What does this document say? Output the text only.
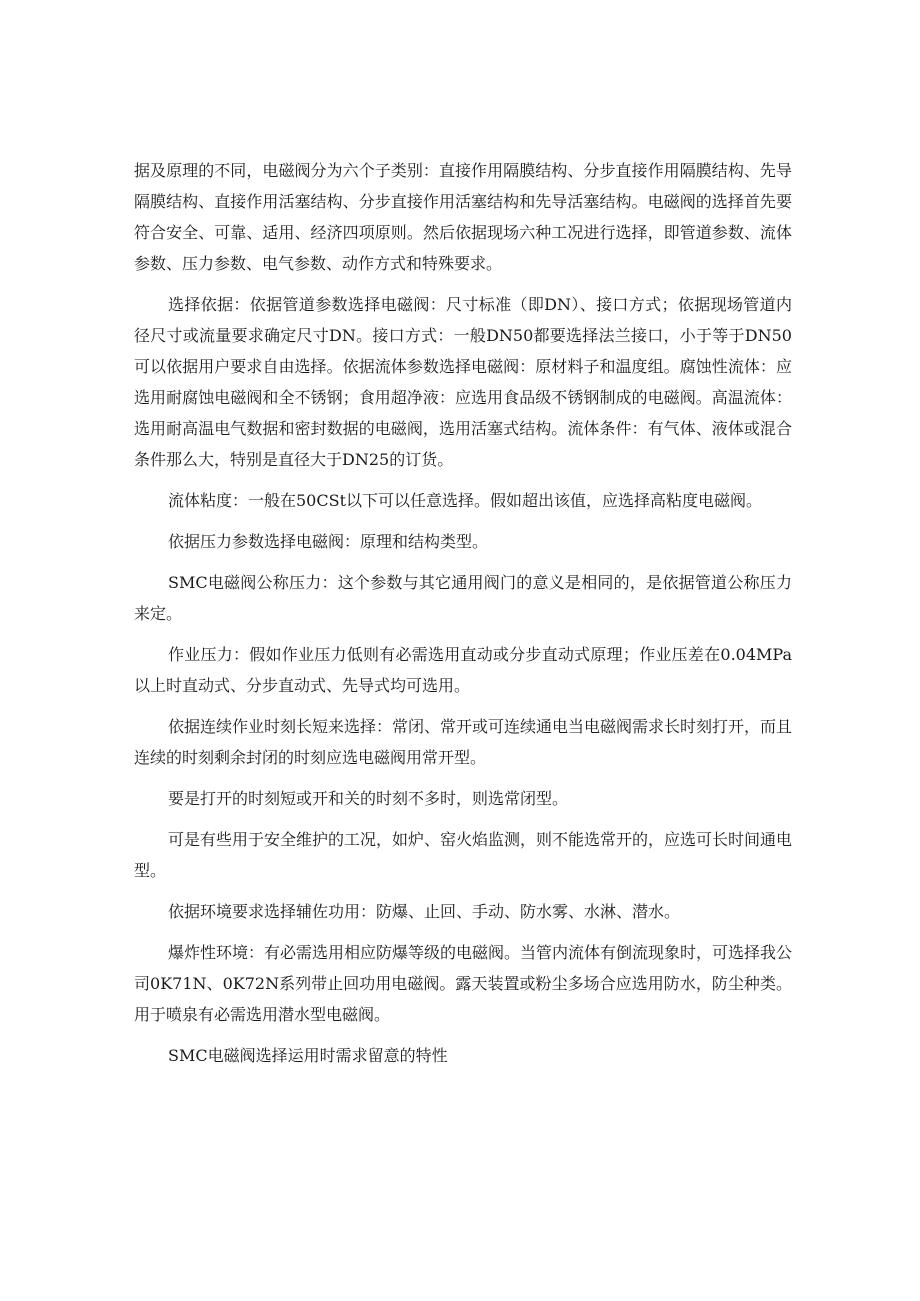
据及原理的不同，电磁阀分为六个子类别：直接作用隔膜结构、分步直接作用隔膜结构、先导隔膜结构、直接作用活塞结构、分步直接作用活塞结构和先导活塞结构。电磁阀的选择首先要符合安全、可靠、适用、经济四项原则。然后依据现场六种工况进行选择，即管道参数、流体参数、压力参数、电气参数、动作方式和特殊要求。

选择依据：依据管道参数选择电磁阀：尺寸标准（即DN）、接口方式；依据现场管道内径尺寸或流量要求确定尺寸DN。接口方式：一般DN50都要选择法兰接口，小于等于DN50可以依据用户要求自由选择。依据流体参数选择电磁阀：原材料子和温度组。腐蚀性流体：应选用耐腐蚀电磁阀和全不锈钢；食用超净液：应选用食品级不锈钢制成的电磁阀。高温流体：选用耐高温电气数据和密封数据的电磁阀，选用活塞式结构。流体条件：有气体、液体或混合条件那么大，特别是直径大于DN25的订货。

流体粘度：一般在50CSt以下可以任意选择。假如超出该值，应选择高粘度电磁阀。

依据压力参数选择电磁阀：原理和结构类型。

SMC电磁阀公称压力：这个参数与其它通用阀门的意义是相同的，是依据管道公称压力来定。

作业压力：假如作业压力低则有必需选用直动或分步直动式原理；作业压差在0.04MPa以上时直动式、分步直动式、先导式均可选用。

依据连续作业时刻长短来选择：常闭、常开或可连续通电当电磁阀需求长时刻打开，而且连续的时刻剩余封闭的时刻应选电磁阀用常开型。

要是打开的时刻短或开和关的时刻不多时，则选常闭型。

可是有些用于安全维护的工况，如炉、窑火焰监测，则不能选常开的，应选可长时间通电型。

依据环境要求选择辅佐功用：防爆、止回、手动、防水雾、水淋、潜水。

爆炸性环境：有必需选用相应防爆等级的电磁阀。当管内流体有倒流现象时，可选择我公司0K71N、0K72N系列带止回功用电磁阀。露天装置或粉尘多场合应选用防水，防尘种类。用于喷泉有必需选用潜水型电磁阀。

SMC电磁阀选择运用时需求留意的特性
